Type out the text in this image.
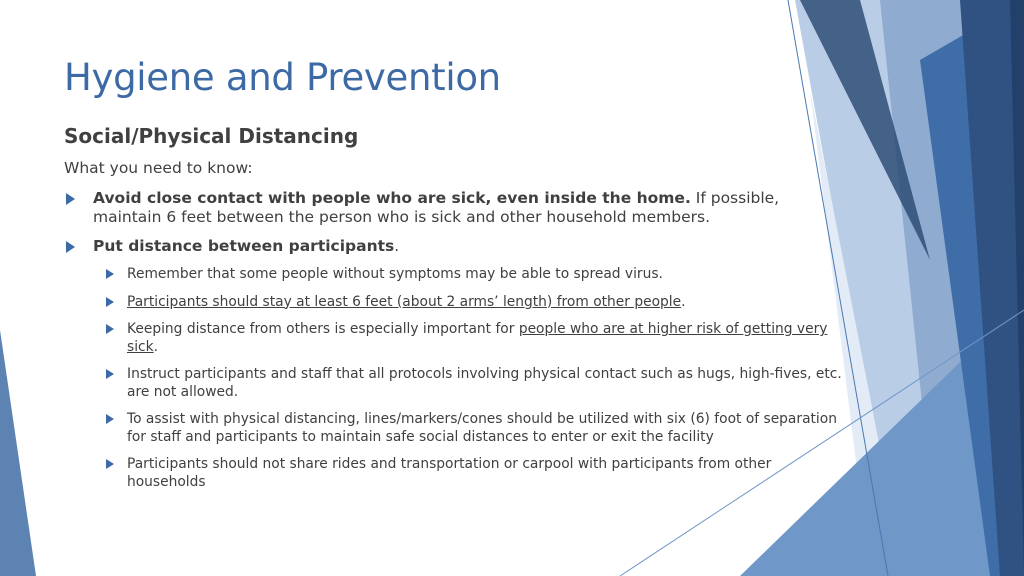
Hygiene and Prevention
Social/Physical Distancing
What you need to know:
Avoid close contact with people who are sick, even inside the home. If possible, maintain 6 feet between the person who is sick and other household members.
Put distance between participants.
Remember that some people without symptoms may be able to spread virus.
Participants should stay at least 6 feet (about 2 arms’ length) from other people.
Keeping distance from others is especially important for people who are at higher risk of getting very sick.
Instruct participants and staff that all protocols involving physical contact such as hugs, high-fives, etc. are not allowed.
To assist with physical distancing, lines/markers/cones should be utilized with six (6) foot of separation for staff and participants to maintain safe social distances to enter or exit the facility
Participants should not share rides and transportation or carpool with participants from other households
